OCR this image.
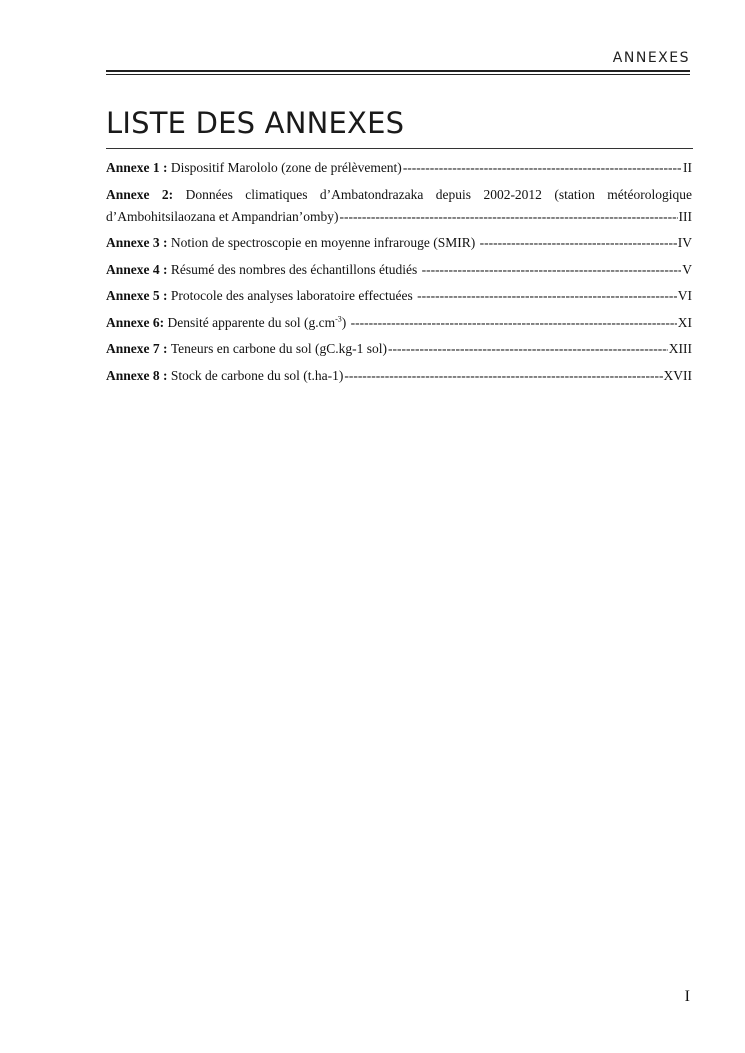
ANNEXES
LISTE DES ANNEXES
Annexe 1 :
Dispositif Marololo (zone de prélèvement) -----	II
Annexe 2: Données climatiques d’Ambatondrazaka depuis 2002-2012 (station météorologique
d’Ambohitsilaozana et Ampandrian’omby) -----	III
Annexe 3 :
Notion de spectroscopie en moyenne infrarouge (SMIR)
-----	IV
Annexe 4 :
Résumé des nombres des échantillons étudiés
-----	V
Annexe 5 :
Protocole des analyses laboratoire effectuées
-----	VI
Annexe 6:
Densité apparente du sol $(g.cm^{-3})$
-----	XI
Annexe 7 :
Teneurs en carbone du sol (gC.kg-1 sol) -----	XIII
Annexe 8 :
Stock de carbone du sol (t.ha-1) -----	XVII
I
